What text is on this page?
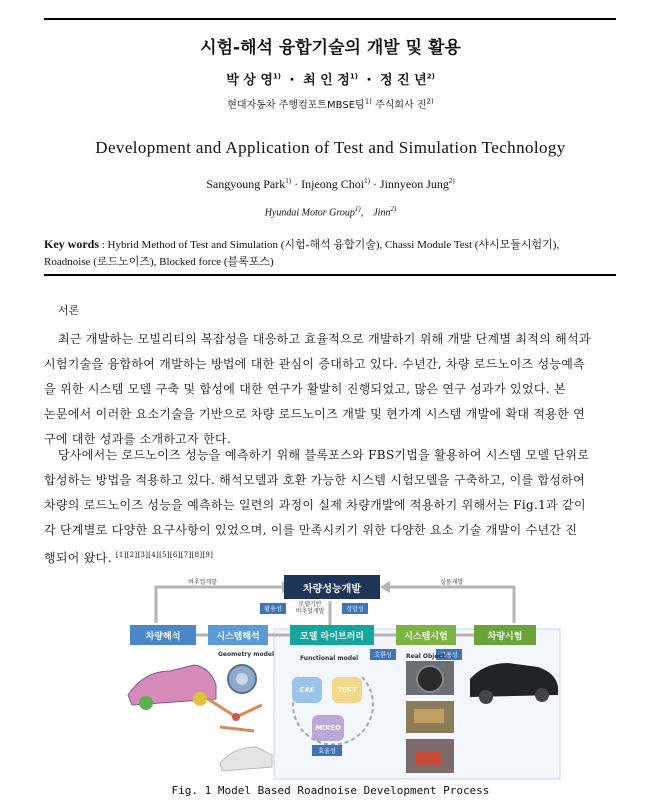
시험-해석 융합기술의 개발 및 활용
박 상 영$^{1)}$ ・ 최 인 정$^{1)}$ ・ 정 진 년$^{2)}$
현대자동차 주행컴포트MBSE팀$^{1)}$ 주식회사 진$^{2)}$
Development and Application of Test and Simulation Technology
Sangyoung Park$^{1)}$ · Injeong Choi$^{1)}$ · Jinnyeon Jung$^{2)}$
Hyundai Motor Group$^{1)}$,    Jinn$^{2)}$
Key words : Hybrid Method of Test and Simulation (시험-해석 융합기술), Chassi Module Test (샤시모듈시험기),
Roadnoise (로드노이즈), Blocked force (블록포스)
서론
최근 개발하는 모빌리티의 복잡성을 대응하고 효율적으로 개발하기 위해 개발 단계별 최적의 해석과
시험기술을 융합하여 개발하는 방법에 대한 관심이 증대하고 있다. 수년간, 차량 로드노이즈 성능예측
을 위한 시스템 모델 구축 및 합성에 대한 연구가 활발히 진행되었고, 많은 연구 성과가 있었다. 본
논문에서 이러한 요소기술을 기반으로 차량 로드노이즈 개발 및 현가계 시스템 개발에 확대 적용한 연
구에 대한 성과를 소개하고자 한다.
당사에서는 로드노이즈 성능을 예측하기 위해 블록포스와 FBS기법을 활용하여 시스템 모델 단위로
합성하는 방법을 적용하고 있다. 해석모델과 호환 가능한 시스템 시험모델을 구축하고, 이를 합성하여
차량의 로드노이즈 성능을 예측하는 일련의 과정이 실제 차량개발에 적용하기 위해서는 Fig.1과 같이
각 단계별로 다양한 요구사항이 있었으며, 이를 만족시키기 위한 다양한 요소 기술 개발이 수년간 진
행되어 왔다. [1][2][3][4][5][6][7][8][9]
차량성능개발
버추얼개발	실물개발
활용성
모델기반
버추얼개발	정합성
차량해석	시스템해석	모델 라이브러리	시스템시험	차량시험
호환성	고용성
효율성
Geometry model
Functional model	Real Object
CAE	TEST
MIXED
Fig. 1 Model Based Roadnoise Development Process
